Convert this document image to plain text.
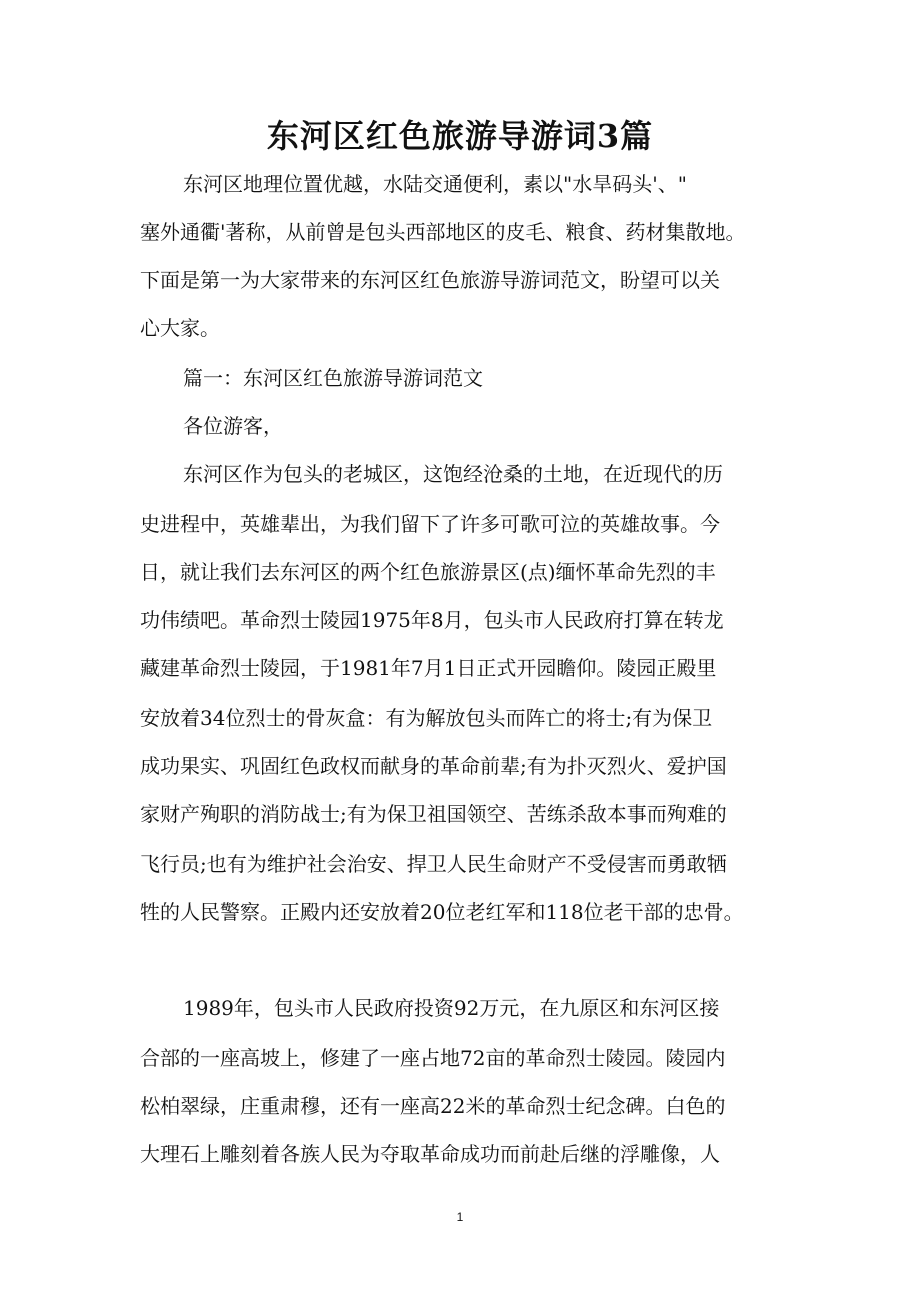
东河区红色旅游导游词3篇
东河区地理位置优越，水陆交通便利，素以"水旱码头'、"
塞外通衢'著称，从前曾是包头西部地区的皮毛、粮食、药材集散地。
下面是第一为大家带来的东河区红色旅游导游词范文，盼望可以关
心大家。
篇一：东河区红色旅游导游词范文
各位游客，
东河区作为包头的老城区，这饱经沧桑的土地，在近现代的历
史进程中，英雄辈出，为我们留下了许多可歌可泣的英雄故事。今
日，就让我们去东河区的两个红色旅游景区(点)缅怀革命先烈的丰
功伟绩吧。革命烈士陵园1975年8月，包头市人民政府打算在转龙
藏建革命烈士陵园，于1981年7月1日正式开园瞻仰。陵园正殿里
安放着34位烈士的骨灰盒：有为解放包头而阵亡的将士;有为保卫
成功果实、巩固红色政权而献身的革命前辈;有为扑灭烈火、爱护国
家财产殉职的消防战士;有为保卫祖国领空、苦练杀敌本事而殉难的
飞行员;也有为维护社会治安、捍卫人民生命财产不受侵害而勇敢牺
牲的人民警察。正殿内还安放着20位老红军和118位老干部的忠骨。
1989年，包头市人民政府投资92万元，在九原区和东河区接
合部的一座高坡上，修建了一座占地72亩的革命烈士陵园。陵园内
松柏翠绿，庄重肃穆，还有一座高22米的革命烈士纪念碑。白色的
大理石上雕刻着各族人民为夺取革命成功而前赴后继的浮雕像，人
1
